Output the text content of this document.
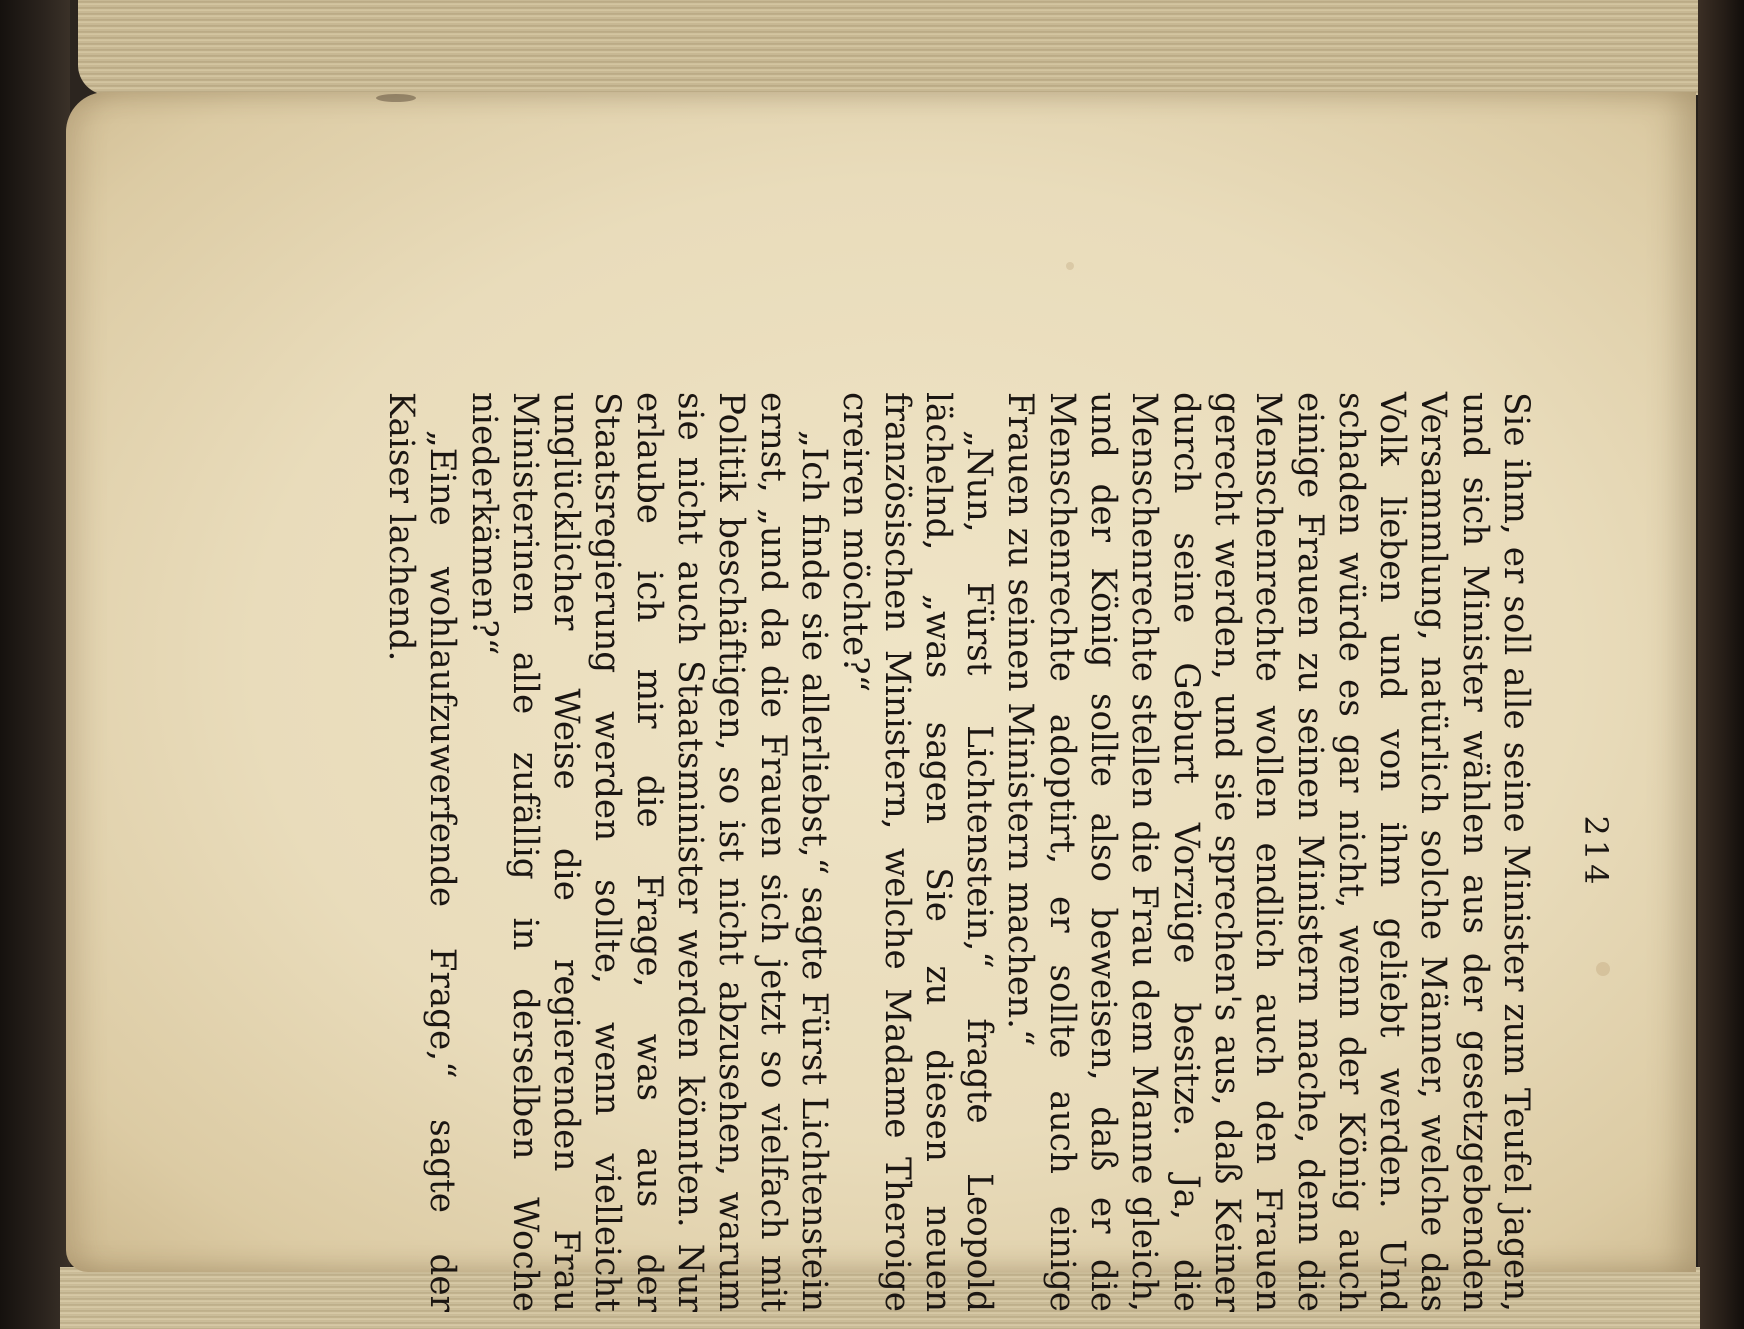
214

Sie ihm, er soll alle seine Minister zum Teufel jagen, und sich Minister wählen aus der gesetzgebenden Versammlung, natürlich solche Männer, welche das Volk lieben und von ihm geliebt werden. Und schaden würde es gar nicht, wenn der König auch einige Frauen zu seinen Ministern mache, denn die Menschenrechte wollen endlich auch den Frauen gerecht werden, und sie sprechen's aus, daß Keiner durch seine Geburt Vorzüge besitze. Ja, die Menschenrechte stellen die Frau dem Manne gleich, und der König sollte also beweisen, daß er die Menschenrechte adoptirt, er sollte auch einige Frauen zu seinen Ministern machen.“

„Nun, Fürst Lichtenstein,“ fragte Leopold lächelnd, „was sagen Sie zu diesen neuen französischen Ministern, welche Madame Theroige creiren möchte?“

„Ich finde sie allerliebst,“ sagte Fürst Lichtenstein ernst, „und da die Frauen sich jetzt so vielfach mit Politik beschäftigen, so ist nicht abzusehen, warum sie nicht auch Staatsminister werden könnten. Nur erlaube ich mir die Frage, was aus der Staatsregierung werden sollte, wenn vielleicht unglücklicher Weise die regierenden Frau Ministerinen alle zufällig in derselben Woche niederkämen?“

„Eine wohlaufzuwerfende Frage,“ sagte der Kaiser lachend.
